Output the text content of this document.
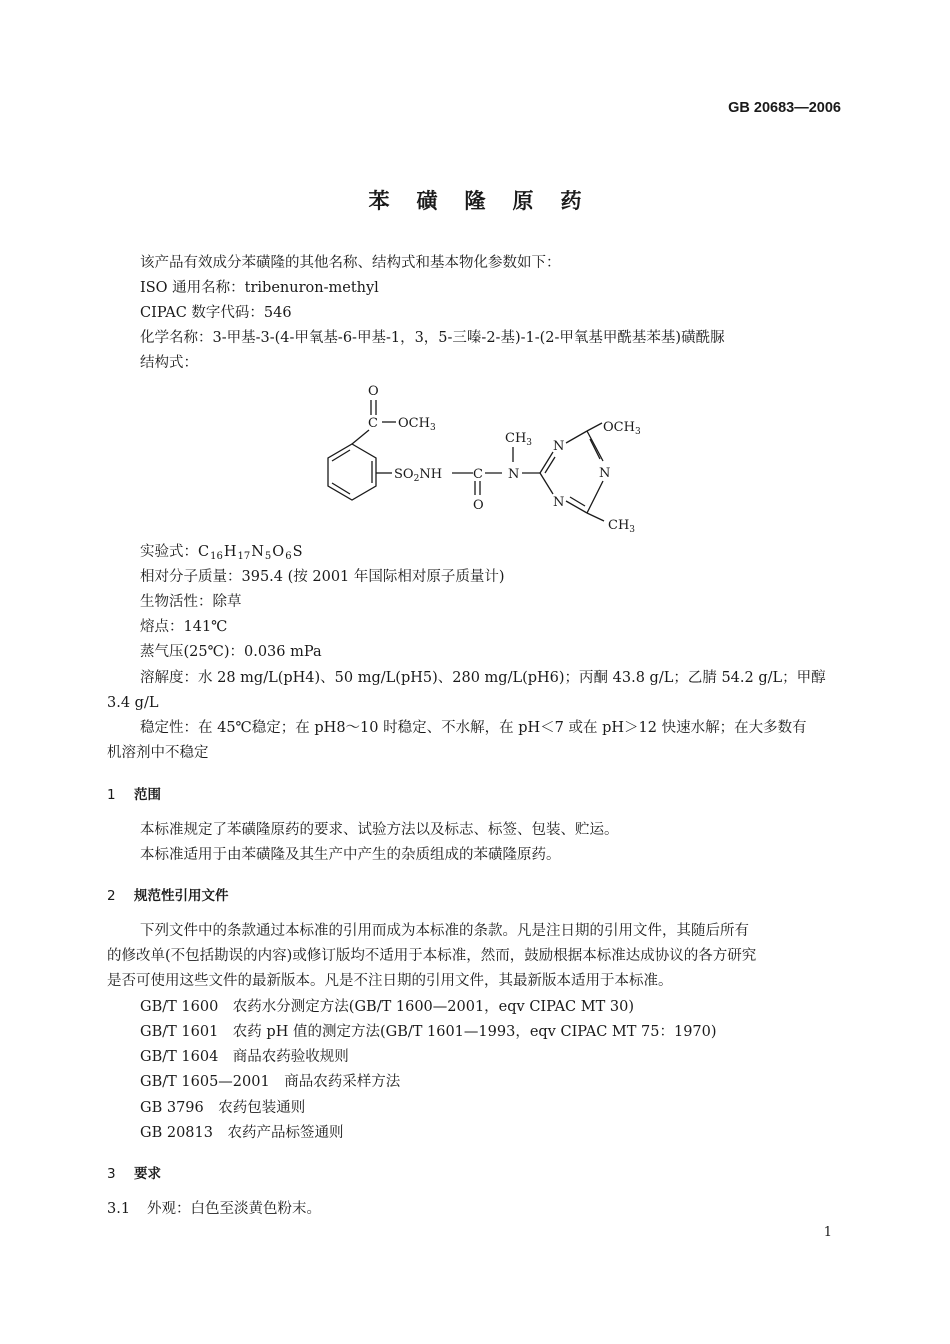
GB 20683—2006
苯磺隆原药
该产品有效成分苯磺隆的其他名称、结构式和基本物化参数如下：
ISO 通用名称：tribenuron-methyl
CIPAC 数字代码：546
化学名称：3-甲基-3-(4-甲氧基-6-甲基-1，3，5-三嗪-2-基)-1-(2-甲氧基甲酰基苯基)磺酰脲
结构式：
O
C $OCH_3$
$SO_2NH$ C
O
$CH_3$
N
N
N
N
$OCH_3$
$CH_3$
实验式：$C_{16}H_{17}N_5O_6S$
相对分子质量：395.4 (按 2001 年国际相对原子质量计)
生物活性：除草
熔点：141℃
蒸气压(25℃)：0.036 mPa
溶解度：水 28 mg/L(pH4)、50 mg/L(pH5)、280 mg/L(pH6)；丙酮 43.8 g/L；乙腈 54.2 g/L；甲醇
3.4 g/L
稳定性：在 45℃稳定；在 pH8～10 时稳定、不水解，在 pH＜7 或在 pH＞12 快速水解；在大多数有
机溶剂中不稳定
1 范围
本标准规定了苯磺隆原药的要求、试验方法以及标志、标签、包装、贮运。
本标准适用于由苯磺隆及其生产中产生的杂质组成的苯磺隆原药。
2 规范性引用文件
下列文件中的条款通过本标准的引用而成为本标准的条款。凡是注日期的引用文件，其随后所有
的修改单(不包括勘误的内容)或修订版均不适用于本标准，然而，鼓励根据本标准达成协议的各方研究
是否可使用这些文件的最新版本。凡是不注日期的引用文件，其最新版本适用于本标准。
GB/T 1600　农药水分测定方法(GB/T 1600—2001，eqv CIPAC MT 30)
GB/T 1601　农药 pH 值的测定方法(GB/T 1601—1993，eqv CIPAC MT 75：1970)
GB/T 1604　商品农药验收规则
GB/T 1605—2001　商品农药采样方法
GB 3796　农药包装通则
GB 20813　农药产品标签通则
3 要求
3.1 外观：白色至淡黄色粉末。
1
